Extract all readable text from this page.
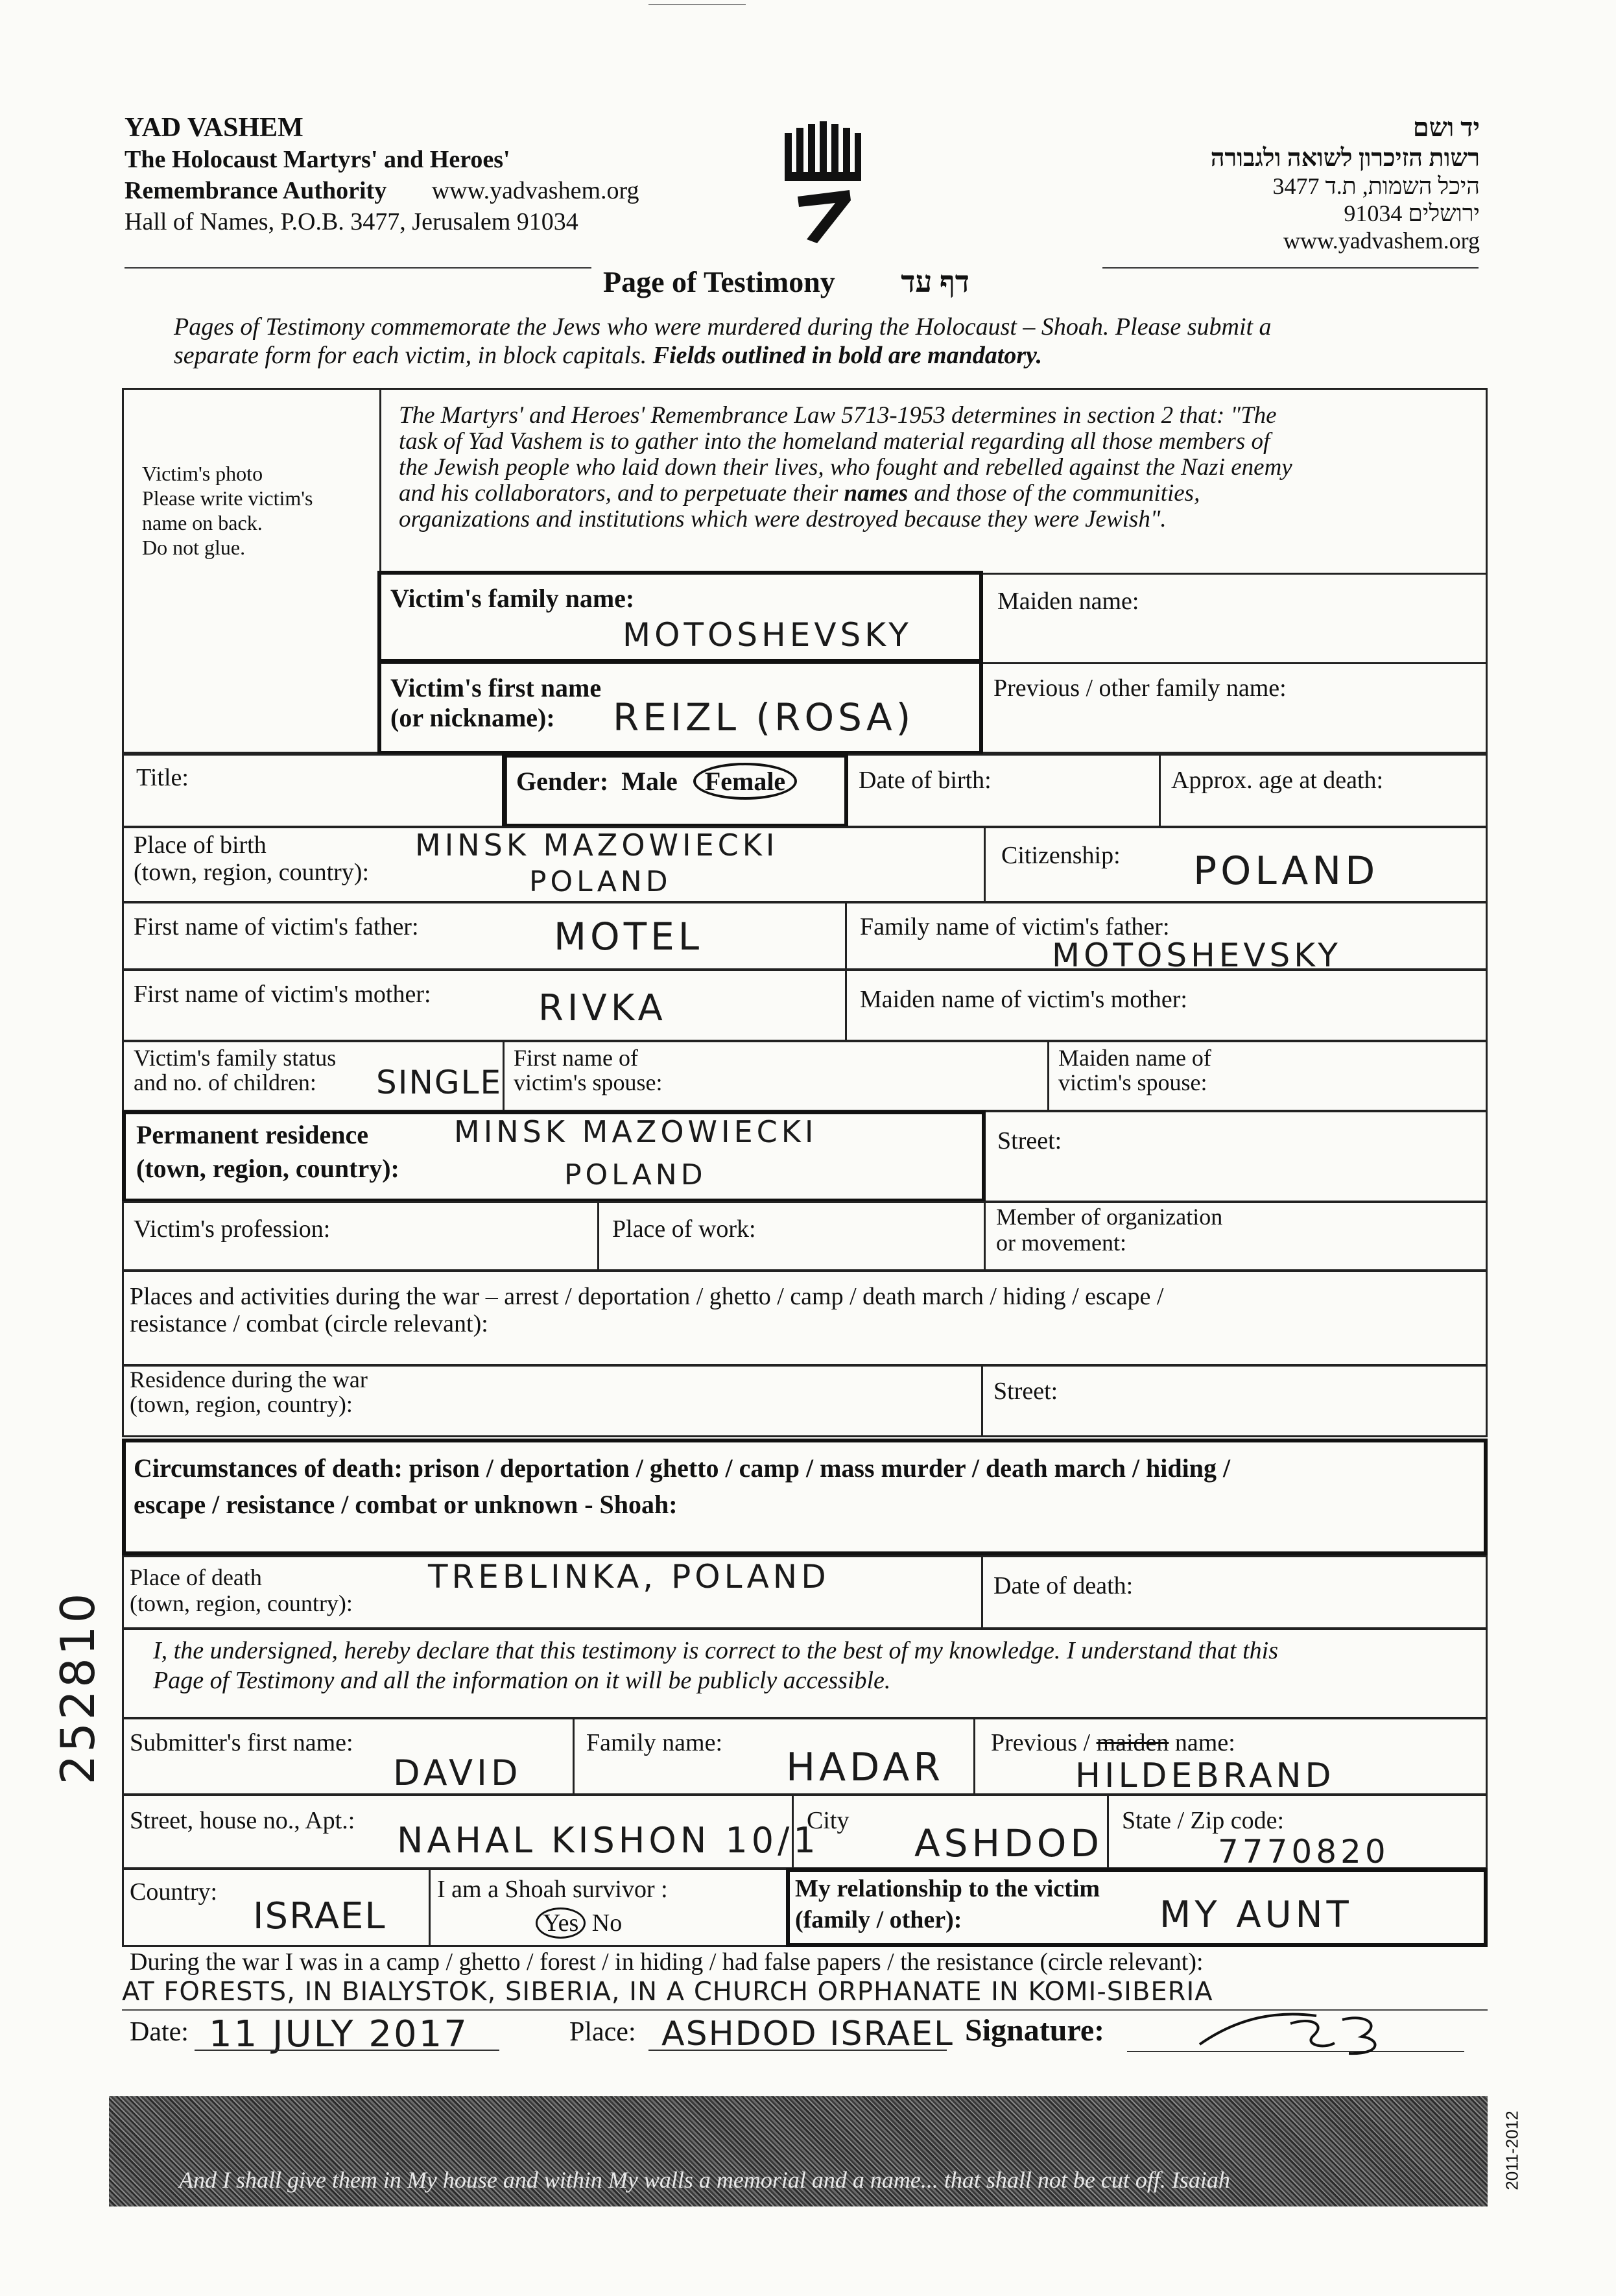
YAD VASHEM
The Holocaust Martyrs' and Heroes'
Remembrance Authority www.yadvashem.org
Hall of Names, P.O.B. 3477, Jerusalem 91034
יד ושם
רשות הזיכרון לשואה ולגבורה
היכל השמות, ת.ד 3477
ירושלים 91034
www.yadvashem.org
Page of Testimony דף עד
Pages of Testimony commemorate the Jews who were murdered during the Holocaust – Shoah. Please submit a
separate form for each victim, in block capitals. Fields outlined in bold are mandatory.
Victim's photo
Please write victim's
name on back.
Do not glue.
The Martyrs' and Heroes' Remembrance Law 5713-1953 determines in section 2 that: "The
task of Yad Vashem is to gather into the homeland material regarding all those members of
the Jewish people who laid down their lives, who fought and rebelled against the Nazi enemy
and his collaborators, and to perpetuate their names and those of the communities,
organizations and institutions which were destroyed because they were Jewish".
Victim's family name:
MOTOSHEVSKY
Maiden name:
Victim's first name
(or nickname):	REIZL (ROSA)
Previous / other family name:
Title:	Gender: Male Female	Date of birth:	Approx. age at death:
Place of birth
(town, region, country):
MINSK MAZOWIECKI
POLAND
Citizenship: POLAND
First name of victim's father:	MOTEL	Family name of victim's father:
MOTOSHEVSKY
First name of victim's mother:	RIVKA	Maiden name of victim's mother:
Victim's family status
and no. of children:	SINGLE
First name of
victim's spouse:
Maiden name of
victim's spouse:
Permanent residence
(town, region, country):
MINSK MAZOWIECKI
POLAND
Street:
Victim's profession:	Place of work:	Member of organization
or movement:
Places and activities during the war – arrest / deportation / ghetto / camp / death march / hiding / escape /
resistance / combat (circle relevant):
Residence during the war
(town, region, country):	Street:
Circumstances of death: prison / deportation / ghetto / camp / mass murder / death march / hiding /
escape / resistance / combat or unknown - Shoah:
Place of death
(town, region, country):
TREBLINKA, POLAND	Date of death:
I, the undersigned, hereby declare that this testimony is correct to the best of my knowledge. I understand that this
Page of Testimony and all the information on it will be publicly accessible.
Submitter's first name:
DAVID
Family name:
HADAR
Previous / maiden name:
HILDEBRAND
Street, house no., Apt.: NAHAL KISHON 10/1
City
ASHDOD
State / Zip code:
7770820
Country:
ISRAEL
I am a Shoah survivor :
Yes No
My relationship to the victim
(family / other):	MY AUNT
During the war I was in a camp / ghetto / forest / in hiding / had false papers / the resistance (circle relevant):
AT FORESTS, IN BIALYSTOK, SIBERIA, IN A CHURCH ORPHANATE IN KOMI-SIBERIA
Date: 11 JULY 2017	Place: ASHDOD ISRAEL Signature:
And I shall give them in My house and within My walls a memorial and a name... that shall not be cut off. Isaiah
252810
2011-2012
